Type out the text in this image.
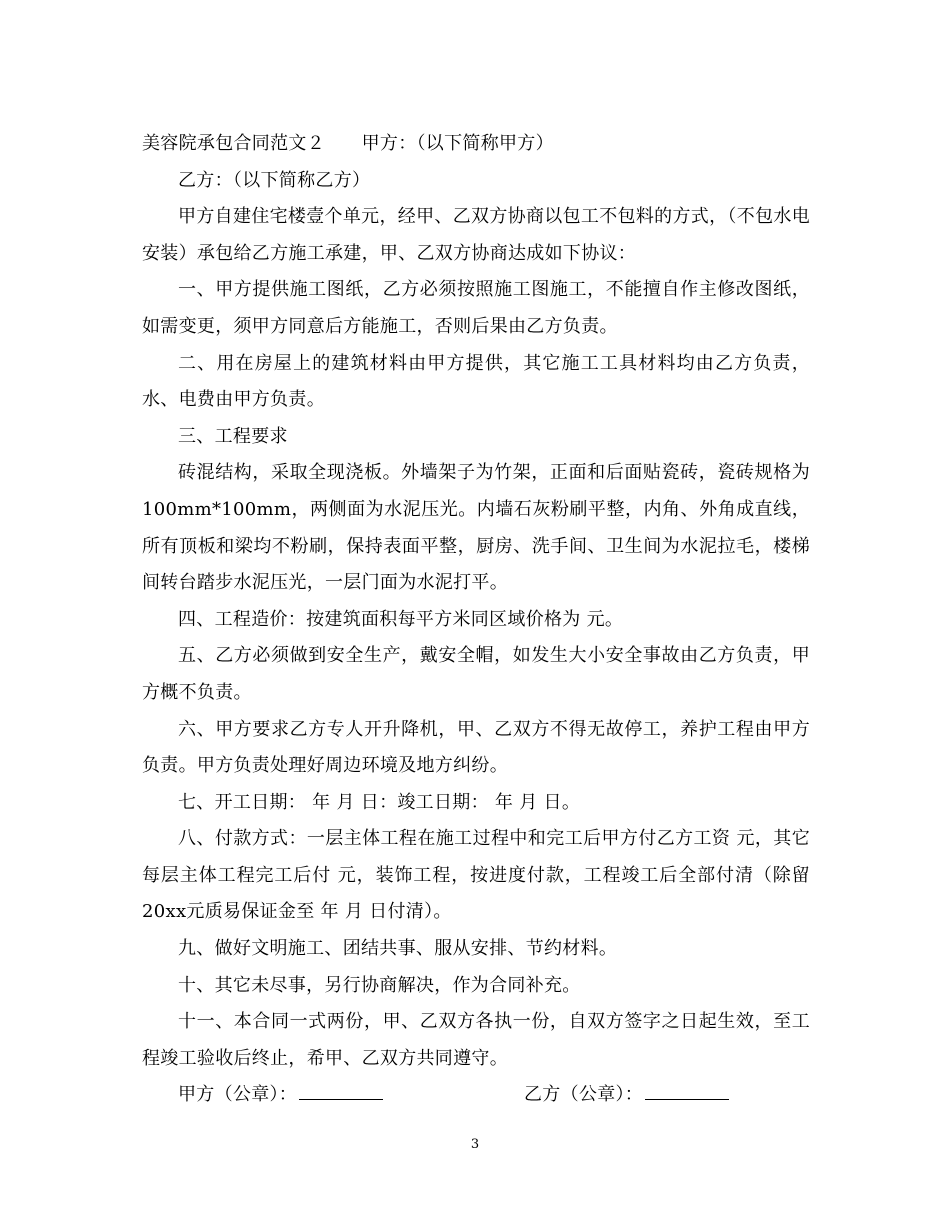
美容院承包合同范文２　　甲方：（以下简称甲方）

乙方：（以下简称乙方）

甲方自建住宅楼壹个单元，经甲、乙双方协商以包工不包料的方式，（不包水电安装）承包给乙方施工承建，甲、乙双方协商达成如下协议：

一、甲方提供施工图纸，乙方必须按照施工图施工，不能擅自作主修改图纸，如需变更，须甲方同意后方能施工，否则后果由乙方负责。

二、用在房屋上的建筑材料由甲方提供，其它施工工具材料均由乙方负责，水、电费由甲方负责。

三、工程要求

砖混结构，采取全现浇板。外墙架子为竹架，正面和后面贴瓷砖，瓷砖规格为100mm*100mm，两侧面为水泥压光。内墙石灰粉刷平整，内角、外角成直线，所有顶板和梁均不粉刷，保持表面平整，厨房、洗手间、卫生间为水泥拉毛，楼梯间转台踏步水泥压光，一层门面为水泥打平。

四、工程造价：按建筑面积每平方米同区域价格为 元。

五、乙方必须做到安全生产，戴安全帽，如发生大小安全事故由乙方负责，甲方概不负责。

六、甲方要求乙方专人开升降机，甲、乙双方不得无故停工，养护工程由甲方负责。甲方负责处理好周边环境及地方纠纷。

七、开工日期： 年 月 日：竣工日期： 年 月 日。

八、付款方式：一层主体工程在施工过程中和完工后甲方付乙方工资 元，其它每层主体工程完工后付 元，装饰工程，按进度付款，工程竣工后全部付清（除留20xx元质易保证金至 年 月 日付清）。

九、做好文明施工、团结共事、服从安排、节约材料。

十、其它未尽事，另行协商解决，作为合同补充。

十一、本合同一式两份，甲、乙双方各执一份，自双方签字之日起生效，至工程竣工验收后终止，希甲、乙双方共同遵守。

甲方（公章）：	乙方（公章）：
3
